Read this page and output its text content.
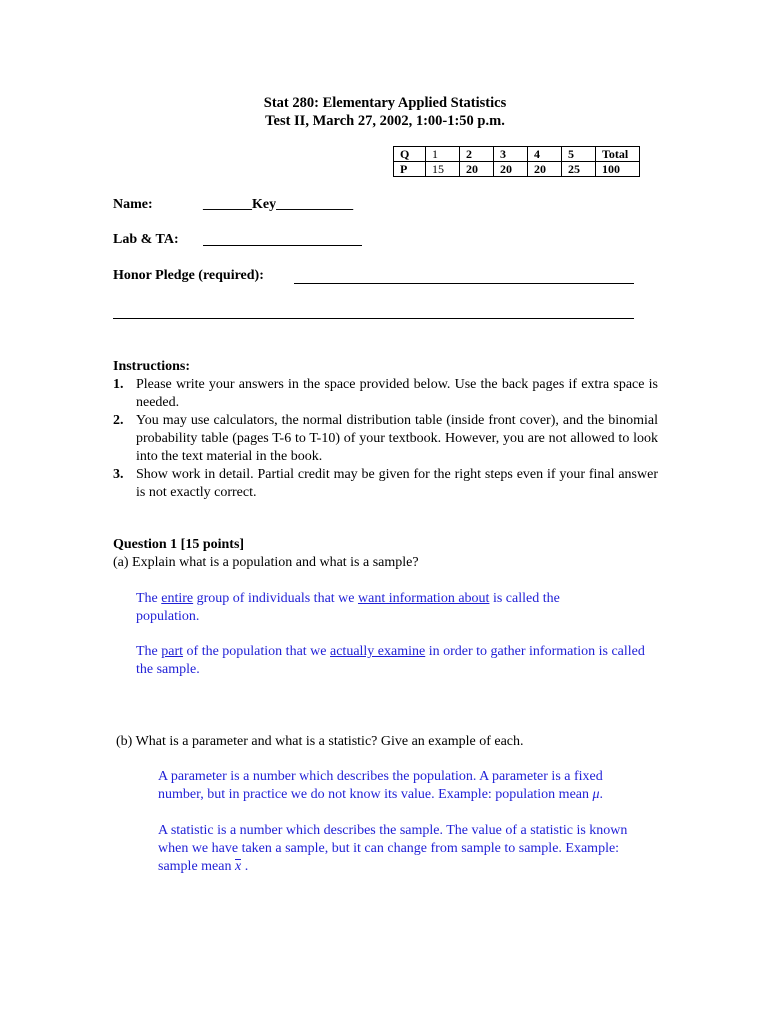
Stat 280: Elementary Applied Statistics
Test II, March 27, 2002, 1:00-1:50 p.m.
Q	1	2	3	4	5	Total
P	15	20	20	20	25	100
Name:	_______Key___________
Lab & TA:
Honor Pledge (required):
Instructions:
1. Please write your answers in the space provided below. Use the back pages if extra space is needed.
2. You may use calculators, the normal distribution table (inside front cover), and the binomial probability table (pages T-6 to T-10) of your textbook. However, you are not allowed to look into the text material in the book.
3. Show work in detail. Partial credit may be given for the right steps even if your final answer is not exactly correct.
Question 1 [15 points]
(a) Explain what is a population and what is a sample?
The entire group of individuals that we want information about is called the population.
The part of the population that we actually examine in order to gather information is called the sample.
(b) What is a parameter and what is a statistic? Give an example of each.
A parameter is a number which describes the population. A parameter is a fixed number, but in practice we do not know its value. Example: population mean μ.
A statistic is a number which describes the sample. The value of a statistic is known when we have taken a sample, but it can change from sample to sample. Example: sample mean x .
